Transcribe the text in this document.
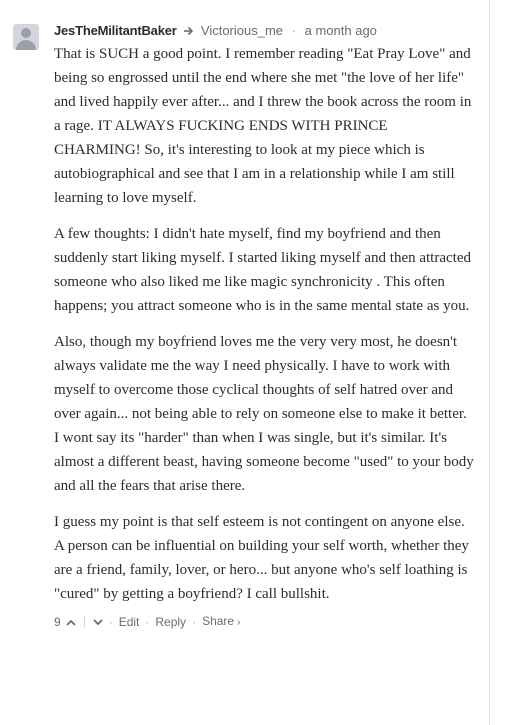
JesTheMilitantBaker Victorious_me · a month ago

That is SUCH a good point. I remember reading "Eat Pray Love" and being so engrossed until the end where she met "the love of her life" and lived happily ever after... and I threw the book across the room in a rage. IT ALWAYS FUCKING ENDS WITH PRINCE CHARMING! So, it's interesting to look at my piece which is autobiographical and see that I am in a relationship while I am still learning to love myself.

A few thoughts: I didn't hate myself, find my boyfriend and then suddenly start liking myself. I started liking myself and then attracted someone who also liked me like magic synchronicity . This often happens; you attract someone who is in the same mental state as you.

Also, though my boyfriend loves me the very very most, he doesn't always validate me the way I need physically. I have to work with myself to overcome those cyclical thoughts of self hatred over and over again... not being able to rely on someone else to make it better. I wont say its "harder" than when I was single, but it's similar. It's almost a different beast, having someone become "used" to your body and all the fears that arise there.

I guess my point is that self esteem is not contingent on anyone else. A person can be influential on building your self worth, whether they are a friend, family, lover, or hero... but anyone who's self loathing is "cured" by getting a boyfriend? I call bullshit.

9	· Edit · Reply · Share ›
